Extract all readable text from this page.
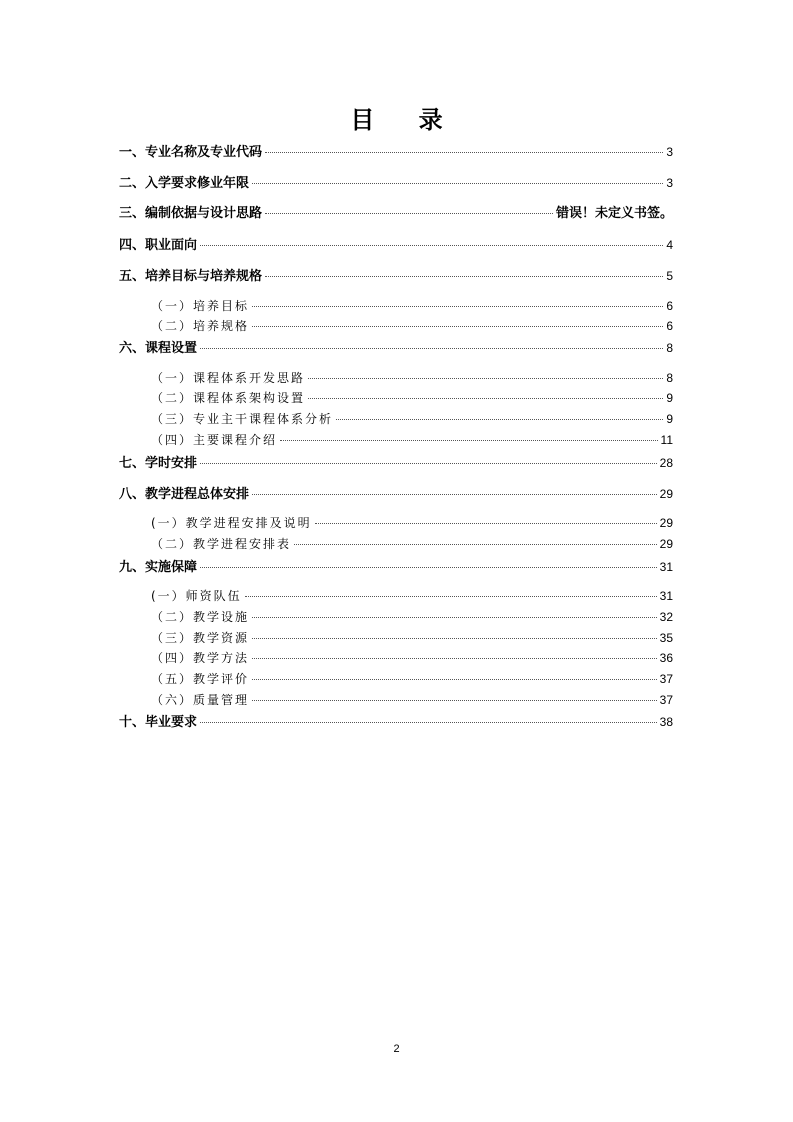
目 录
一、专业名称及专业代码	3
二、入学要求修业年限	3
三、编制依据与设计思路	错误！未定义书签。
四、职业面向	4
五、培养目标与培养规格	5
（一）培养目标	6
（二）培养规格	6
六、课程设置	8
（一）课程体系开发思路	8
（二）课程体系架构设置	9
（三）专业主干课程体系分析	9
（四）主要课程介绍	11
七、学时安排	28
八、教学进程总体安排	29
(一）教学进程安排及说明	29
（二）教学进程安排表	29
九、实施保障	31
(一）师资队伍	31
（二）教学设施	32
（三）教学资源	35
（四）教学方法	36
（五）教学评价	37
（六）质量管理	37
十、毕业要求	38
2
